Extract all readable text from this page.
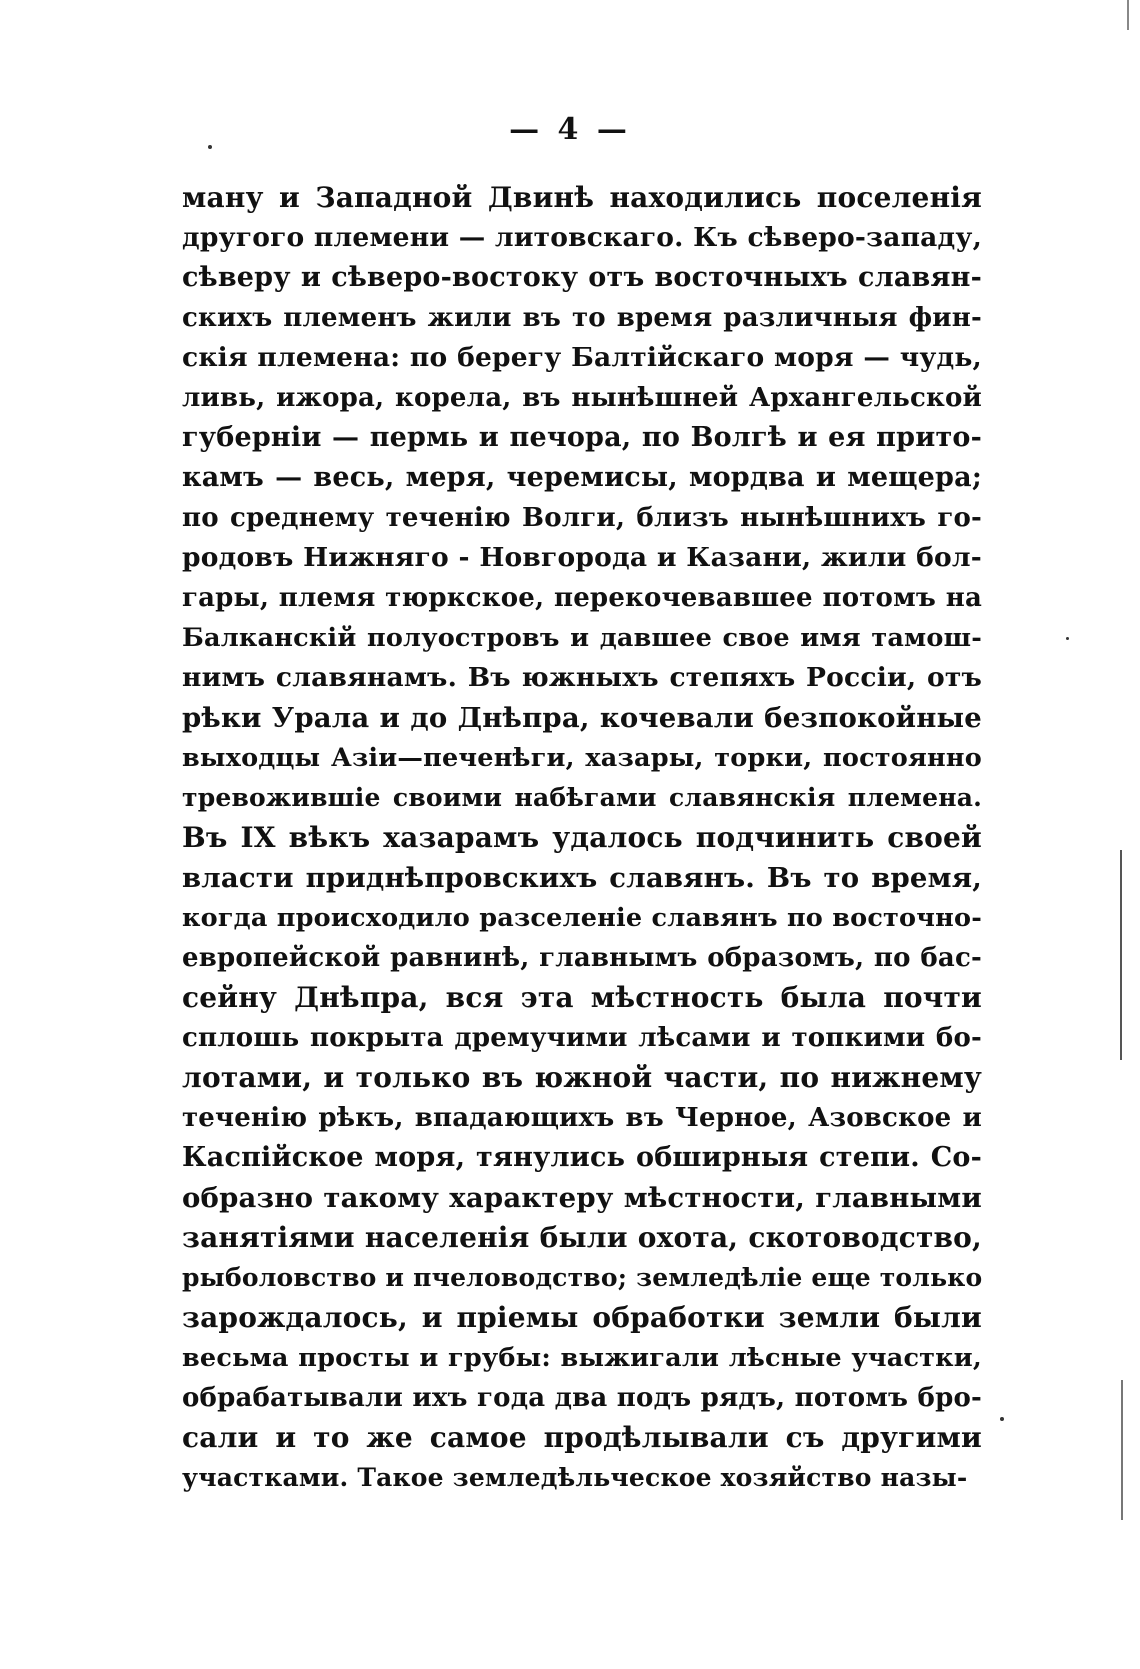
— 4 —
ману и Западной Двинѣ находились поселенія
другого племени — литовскаго. Къ сѣверо-западу,
сѣверу и сѣверо-востоку отъ восточныхъ славян-
скихъ племенъ жили въ то время различныя фин-
скія племена: по берегу Балтійскаго моря — чудь,
ливь, ижора, корела, въ нынѣшней Архангельской
губерніи — пермь и печора, по Волгѣ и ея прито-
камъ — весь, меря, черемисы, мордва и мещера;
по среднему теченію Волги, близъ нынѣшнихъ го-
родовъ Нижняго - Новгорода и Казани, жили бол-
гары, племя тюркское, перекочевавшее потомъ на
Балканскій полуостровъ и давшее свое имя тамош-
нимъ славянамъ. Въ южныхъ степяхъ Россіи, отъ
рѣки Урала и до Днѣпра, кочевали безпокойные
выходцы Азіи—печенѣги, хазары, торки, постоянно
тревожившіе своими набѣгами славянскія племена.
Въ IX вѣкъ хазарамъ удалось подчинить своей
власти приднѣпровскихъ славянъ. Въ то время,
когда происходило разселеніе славянъ по восточно-
европейской равнинѣ, главнымъ образомъ, по бас-
сейну Днѣпра, вся эта мѣстность была почти
сплошь покрыта дремучими лѣсами и топкими бо-
лотами, и только въ южной части, по нижнему
теченію рѣкъ, впадающихъ въ Черное, Азовское и
Каспійское моря, тянулись обширныя степи. Со-
образно такому характеру мѣстности, главными
занятіями населенія были охота, скотоводство,
рыболовство и пчеловодство; земледѣліе еще только
зарождалось, и пріемы обработки земли были
весьма просты и грубы: выжигали лѣсные участки,
обрабатывали ихъ года два подъ рядъ, потомъ бро-
сали и то же самое продѣлывали съ другими
участками. Такое земледѣльческое хозяйство назы-
